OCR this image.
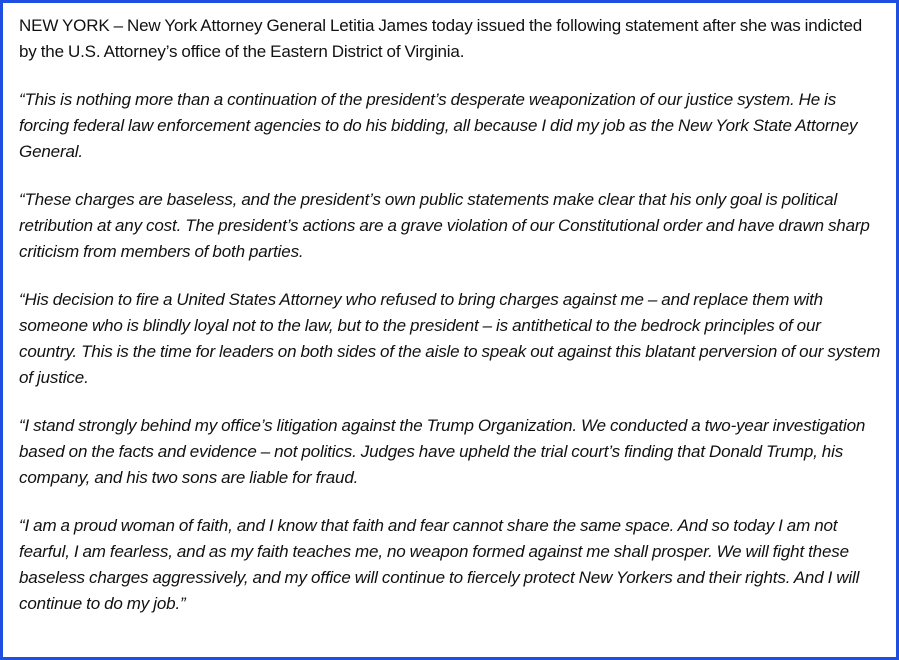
NEW YORK – New York Attorney General Letitia James today issued the following statement after she was indicted by the U.S. Attorney’s office of the Eastern District of Virginia.

“This is nothing more than a continuation of the president’s desperate weaponization of our justice system. He is forcing federal law enforcement agencies to do his bidding, all because I did my job as the New York State Attorney General.

“These charges are baseless, and the president’s own public statements make clear that his only goal is political retribution at any cost. The president’s actions are a grave violation of our Constitutional order and have drawn sharp criticism from members of both parties.

“His decision to fire a United States Attorney who refused to bring charges against me – and replace them with someone who is blindly loyal not to the law, but to the president – is antithetical to the bedrock principles of our country. This is the time for leaders on both sides of the aisle to speak out against this blatant perversion of our system of justice.

“I stand strongly behind my office’s litigation against the Trump Organization. We conducted a two-year investigation based on the facts and evidence – not politics. Judges have upheld the trial court’s finding that Donald Trump, his company, and his two sons are liable for fraud.

“I am a proud woman of faith, and I know that faith and fear cannot share the same space. And so today I am not fearful, I am fearless, and as my faith teaches me, no weapon formed against me shall prosper. We will fight these baseless charges aggressively, and my office will continue to fiercely protect New Yorkers and their rights. And I will continue to do my job.”
